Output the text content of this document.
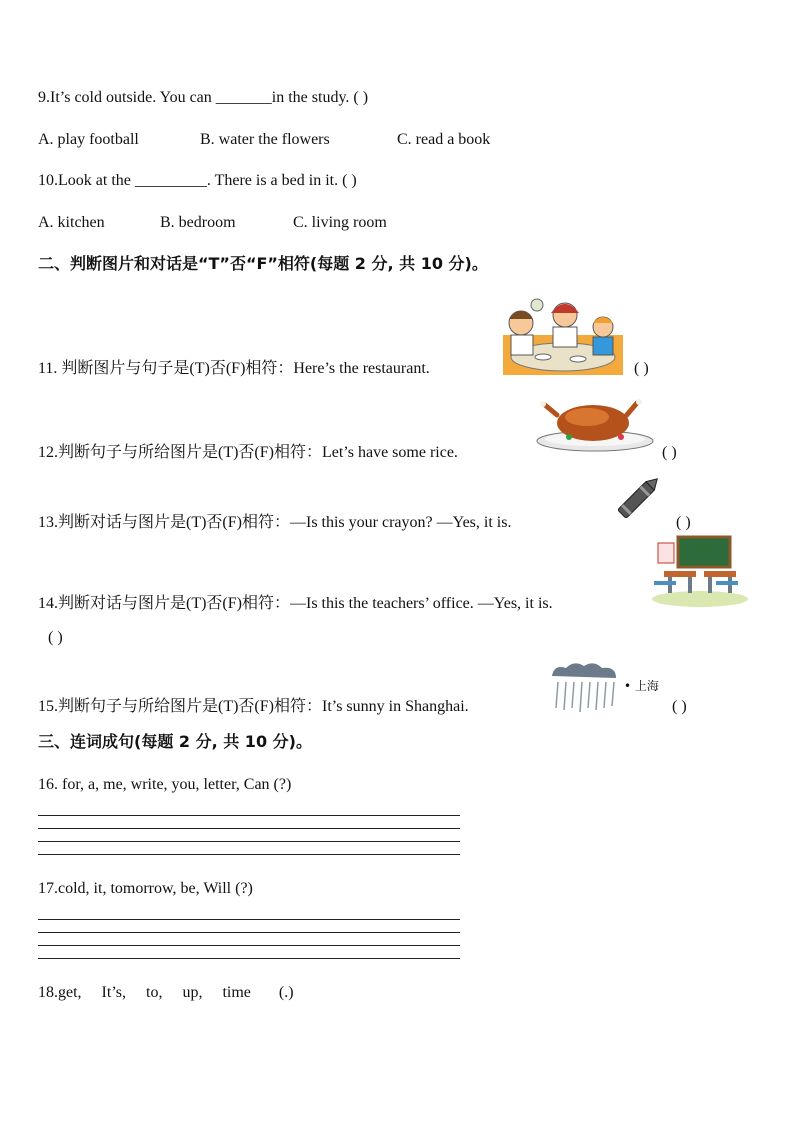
9.It’s cold outside. You can _______in the study. ( )
A. play football	B. water the flowers	C. read a book
10.Look at the _________. There is a bed in it. ( )
A. kitchen	B. bedroom	C. living room
二、判断图片和对话是“T”否“F”相符(每题 2 分, 共 10 分)。
11. 判断图片与句子是(T)否(F)相符：Here’s the restaurant.	( )
12.判断句子与所给图片是(T)否(F)相符：Let’s have some rice.	( )
13.判断对话与图片是(T)否(F)相符：—Is this your crayon? —Yes, it is.	( )
14.判断对话与图片是(T)否(F)相符：—Is this the teachers’ office. —Yes, it is.
( )
• 上海
15.判断句子与所给图片是(T)否(F)相符：It’s sunny in Shanghai.	( )
三、连词成句(每题 2 分, 共 10 分)。
16. for, a, me, write, you, letter, Can (?)
17.cold, it, tomorrow, be, Will (?)
18.get,     It’s,     to,     up,     time       (.)
